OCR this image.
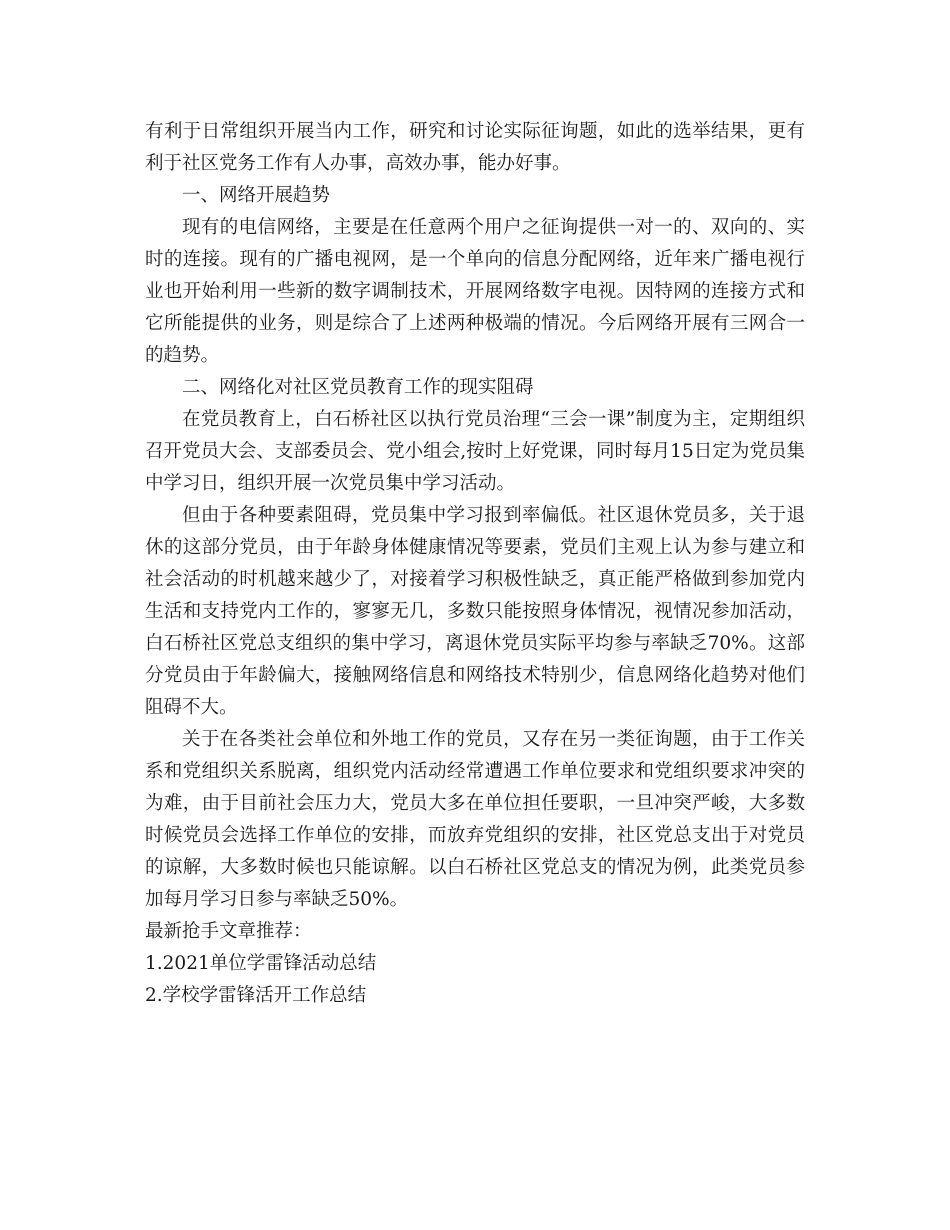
有利于日常组织开展当内工作，研究和讨论实际征询题，如此的选举结果，更有利于社区党务工作有人办事，高效办事，能办好事。

一、网络开展趋势

现有的电信网络，主要是在任意两个用户之征询提供一对一的、双向的、实时的连接。现有的广播电视网，是一个单向的信息分配网络，近年来广播电视行业也开始利用一些新的数字调制技术，开展网络数字电视。因特网的连接方式和它所能提供的业务，则是综合了上述两种极端的情况。今后网络开展有三网合一的趋势。

二、网络化对社区党员教育工作的现实阻碍

在党员教育上，白石桥社区以执行党员治理“三会一课”制度为主，定期组织召开党员大会、支部委员会、党小组会,按时上好党课，同时每月15日定为党员集中学习日，组织开展一次党员集中学习活动。

但由于各种要素阻碍，党员集中学习报到率偏低。社区退休党员多，关于退休的这部分党员，由于年龄身体健康情况等要素，党员们主观上认为参与建立和社会活动的时机越来越少了，对接着学习积极性缺乏，真正能严格做到参加党内生活和支持党内工作的，寥寥无几，多数只能按照身体情况，视情况参加活动，白石桥社区党总支组织的集中学习，离退休党员实际平均参与率缺乏70%。这部分党员由于年龄偏大，接触网络信息和网络技术特别少，信息网络化趋势对他们阻碍不大。

关于在各类社会单位和外地工作的党员，又存在另一类征询题，由于工作关系和党组织关系脱离，组织党内活动经常遭遇工作单位要求和党组织要求冲突的为难，由于目前社会压力大，党员大多在单位担任要职，一旦冲突严峻，大多数时候党员会选择工作单位的安排，而放弃党组织的安排，社区党总支出于对党员的谅解，大多数时候也只能谅解。以白石桥社区党总支的情况为例，此类党员参加每月学习日参与率缺乏50%。

最新抢手文章推荐：

1.2021单位学雷锋活动总结

2.学校学雷锋活开工作总结
